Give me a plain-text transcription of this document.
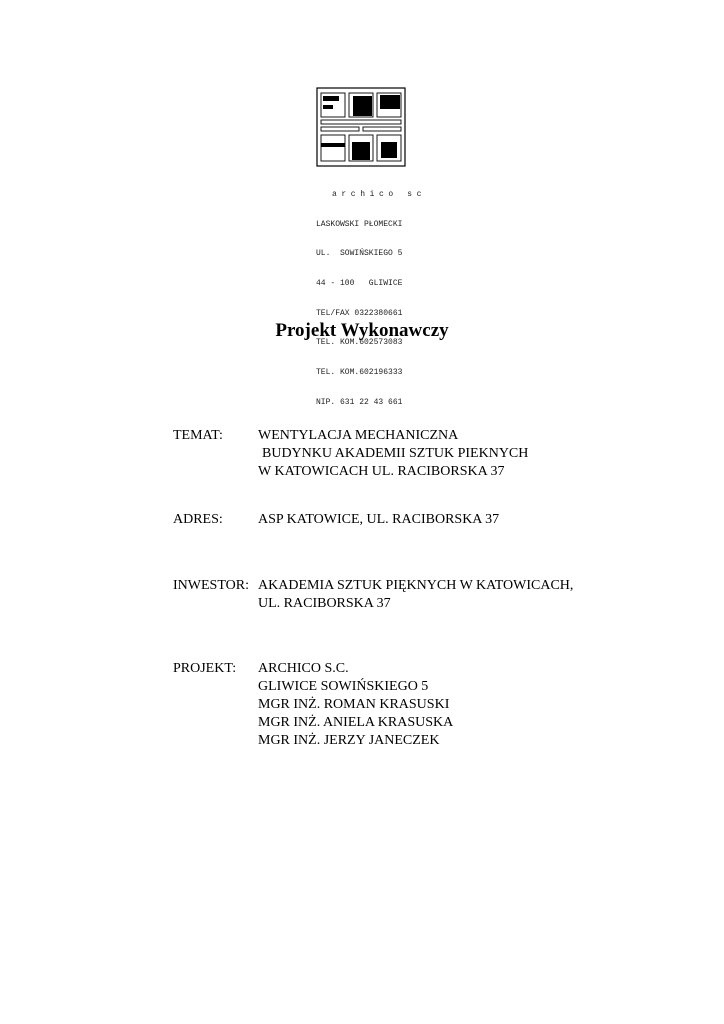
archico sc

LASKOWSKI PŁOMECKI

UL.  SOWIŃSKIEGO 5

44 - 100   GLIWICE

TEL/FAX 0322380661

TEL. KOM.602573083

TEL. KOM.602196333

NIP. 631 22 43 661

Projekt Wykonawczy
TEMAT:	WENTYLACJA MECHANICZNA
BUDYNKU AKADEMII SZTUK PIEKNYCH
W KATOWICACH UL. RACIBORSKA 37
ADRES:	ASP KATOWICE, UL. RACIBORSKA 37
INWESTOR: AKADEMIA SZTUK PIĘKNYCH W KATOWICACH,
UL. RACIBORSKA 37
PROJEKT: ARCHICO S.C.
GLIWICE SOWIŃSKIEGO 5
MGR INŻ. ROMAN KRASUSKI
MGR INŻ. ANIELA KRASUSKA
MGR INŻ. JERZY JANECZEK
